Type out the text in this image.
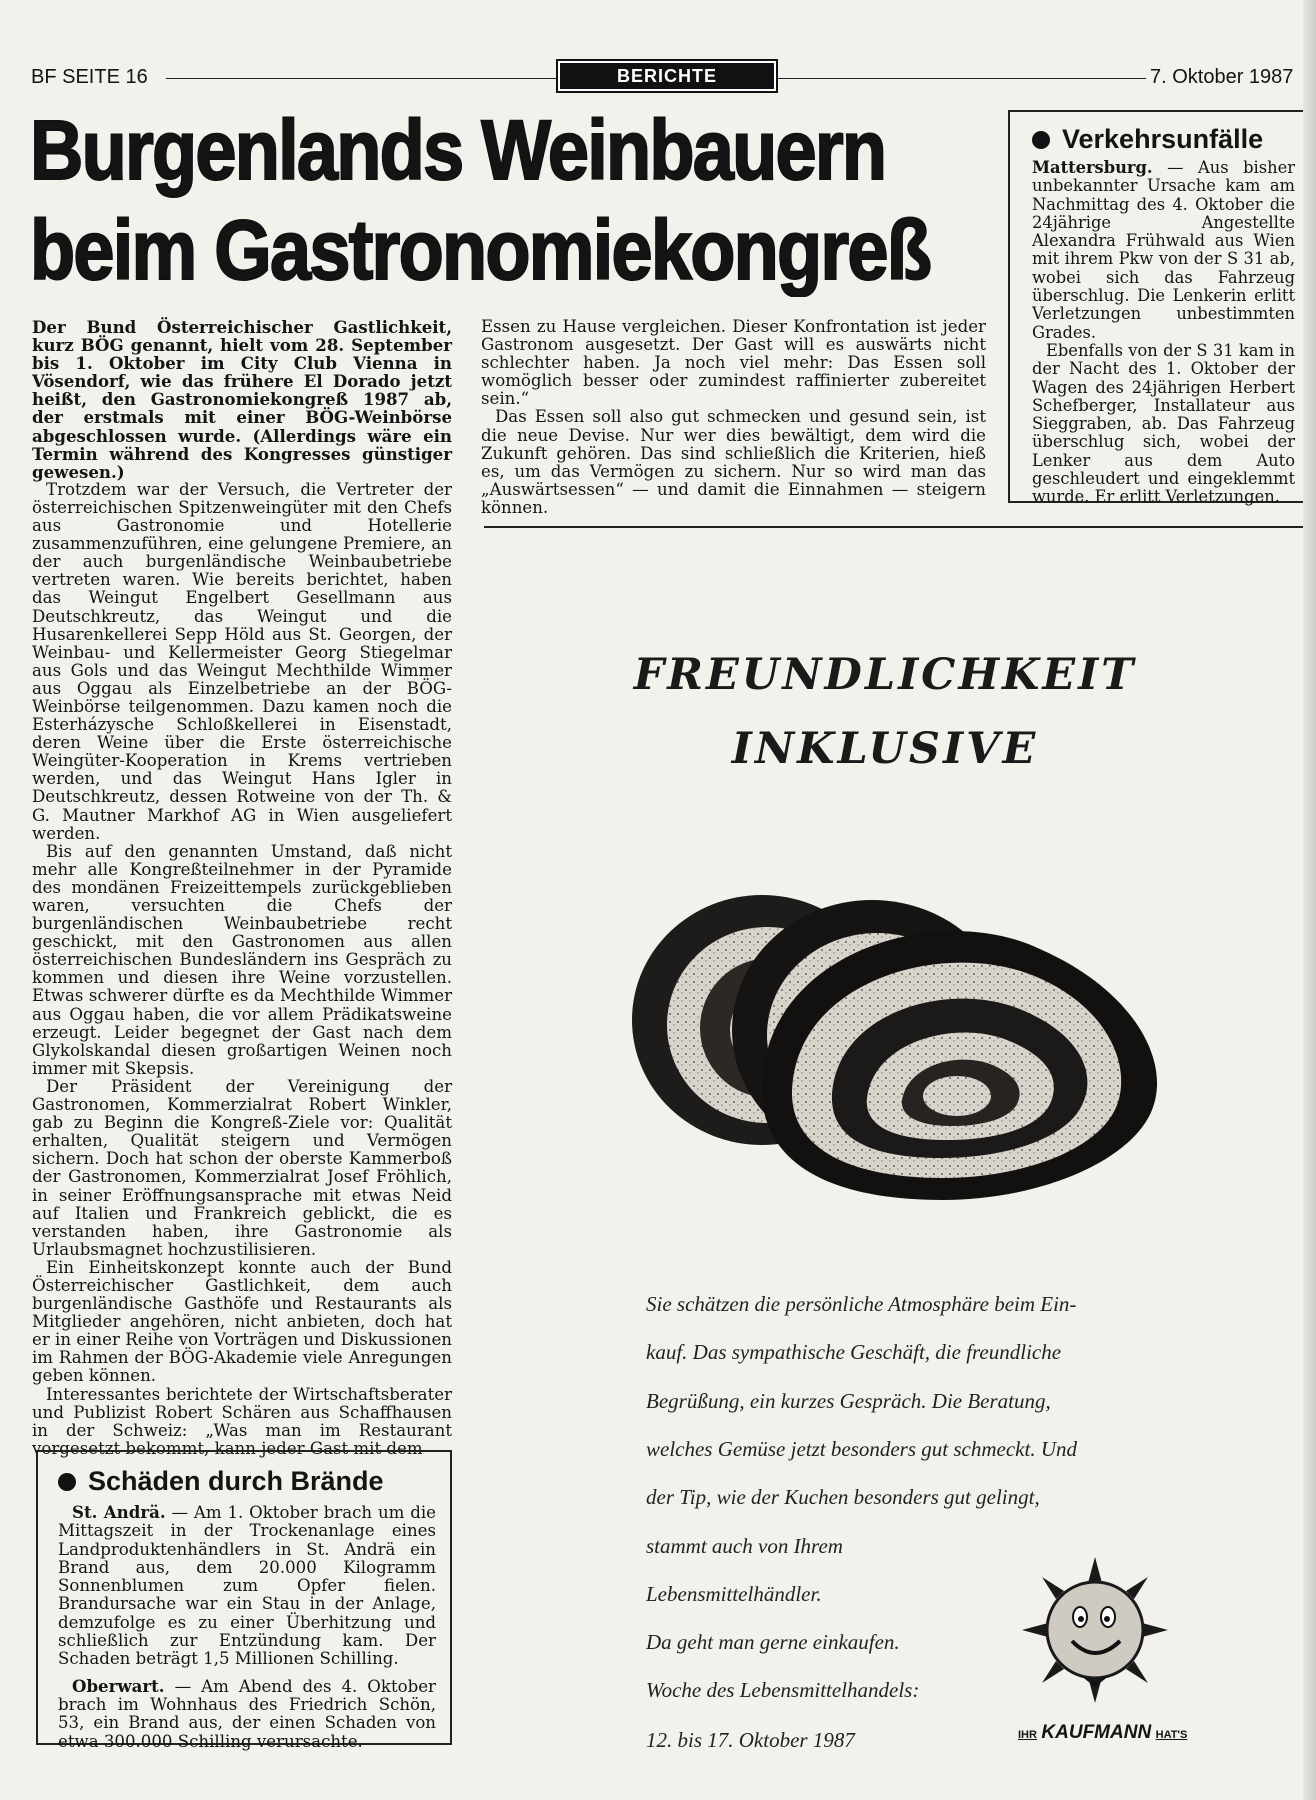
BF SEITE 16	BERICHTE	7. Oktober 1987
Burgenlands Weinbauern
beim Gastronomiekongreß

Der Bund Österreichischer Gastlichkeit, kurz BÖG genannt, hielt vom 28. September bis 1. Oktober im City Club Vienna in Vösendorf, wie das frühere El Dorado jetzt heißt, den Gastronomiekongreß 1987 ab, der erstmals mit einer BÖG-Weinbörse abgeschlossen wurde. (Allerdings wäre ein Termin während des Kongresses günstiger gewesen.)

Trotzdem war der Versuch, die Vertreter der österreichischen Spitzenweingüter mit den Chefs aus Gastronomie und Hotellerie zusammenzuführen, eine gelungene Premiere, an der auch burgenländische Weinbaubetriebe vertreten waren. Wie bereits berichtet, haben das Weingut Engelbert Gesellmann aus Deutschkreutz, das Weingut und die Husarenkellerei Sepp Höld aus St. Georgen, der Weinbau- und Kellermeister Georg Stiegelmar aus Gols und das Weingut Mechthilde Wimmer aus Oggau als Einzelbetriebe an der BÖG-Weinbörse teilgenommen. Dazu kamen noch die Esterházysche Schloßkellerei in Eisenstadt, deren Weine über die Erste österreichische Weingüter-Kooperation in Krems vertrieben werden, und das Weingut Hans Igler in Deutschkreutz, dessen Rotweine von der Th. & G. Mautner Markhof AG in Wien ausgeliefert werden.

Bis auf den genannten Umstand, daß nicht mehr alle Kongreßteilnehmer in der Pyramide des mondänen Freizeittempels zurückgeblieben waren, versuchten die Chefs der burgenländischen Weinbaubetriebe recht geschickt, mit den Gastronomen aus allen österreichischen Bundesländern ins Gespräch zu kommen und diesen ihre Weine vorzustellen. Etwas schwerer dürfte es da Mechthilde Wimmer aus Oggau haben, die vor allem Prädikatsweine erzeugt. Leider begegnet der Gast nach dem Glykolskandal diesen großartigen Weinen noch immer mit Skepsis.

Der Präsident der Vereinigung der Gastronomen, Kommerzialrat Robert Winkler, gab zu Beginn die Kongreß-Ziele vor: Qualität erhalten, Qualität steigern und Vermögen sichern. Doch hat schon der oberste Kammerboß der Gastronomen, Kommerzialrat Josef Fröhlich, in seiner Eröffnungsansprache mit etwas Neid auf Italien und Frankreich geblickt, die es verstanden haben, ihre Gastronomie als Urlaubsmagnet hochzustilisieren.

Ein Einheitskonzept konnte auch der Bund Österreichischer Gastlichkeit, dem auch burgenländische Gasthöfe und Restaurants als Mitglieder angehören, nicht anbieten, doch hat er in einer Reihe von Vorträgen und Diskussionen im Rahmen der BÖG-Akademie viele Anregungen geben können.

Interessantes berichtete der Wirtschaftsberater und Publizist Robert Schären aus Schaffhausen in der Schweiz: „Was man im Restaurant vorgesetzt bekommt, kann jeder Gast mit dem

Essen zu Hause vergleichen. Dieser Konfrontation ist jeder Gastronom ausgesetzt. Der Gast will es auswärts nicht schlechter haben. Ja noch viel mehr: Das Essen soll womöglich besser oder zumindest raffinierter zubereitet sein.“

Das Essen soll also gut schmecken und gesund sein, ist die neue Devise. Nur wer dies bewältigt, dem wird die Zukunft gehören. Das sind schließlich die Kriterien, hieß es, um das Vermögen zu sichern. Nur so wird man das „Auswärtsessen“ — und damit die Einnahmen — steigern können.

Verkehrsunfälle

Mattersburg. — Aus bisher unbekannter Ursache kam am Nachmittag des 4. Oktober die 24jährige Angestellte Alexandra Frühwald aus Wien mit ihrem Pkw von der S 31 ab, wobei sich das Fahrzeug überschlug. Die Lenkerin erlitt Verletzungen unbestimmten Grades.

Ebenfalls von der S 31 kam in der Nacht des 1. Oktober der Wagen des 24jährigen Herbert Schefberger, Installateur aus Sieggraben, ab. Das Fahrzeug überschlug sich, wobei der Lenker aus dem Auto geschleudert und eingeklemmt wurde. Er erlitt Verletzungen.

Schäden durch Brände

St. Andrä. — Am 1. Oktober brach um die Mittagszeit in der Trockenanlage eines Landproduktenhändlers in St. Andrä ein Brand aus, dem 20.000 Kilogramm Sonnenblumen zum Opfer fielen. Brandursache war ein Stau in der Anlage, demzufolge es zu einer Überhitzung und schließlich zur Entzündung kam. Der Schaden beträgt 1,5 Millionen Schilling.

Oberwart. — Am Abend des 4. Oktober brach im Wohnhaus des Friedrich Schön, 53, ein Brand aus, der einen Schaden von etwa 300.000 Schilling verursachte.

FREUNDLICHKEIT
INKLUSIVE
Sie schätzen die persönliche Atmosphäre beim Ein-
kauf. Das sympathische Geschäft, die freundliche
Begrüßung, ein kurzes Gespräch. Die Beratung,
welches Gemüse jetzt besonders gut schmeckt. Und
der Tip, wie der Kuchen besonders gut gelingt,
stammt auch von Ihrem
Lebensmittelhändler.
Da geht man gerne einkaufen.
Woche des Lebensmittelhandels:
12. bis 17. Oktober 1987	IHR KAUFMANN HAT'S
